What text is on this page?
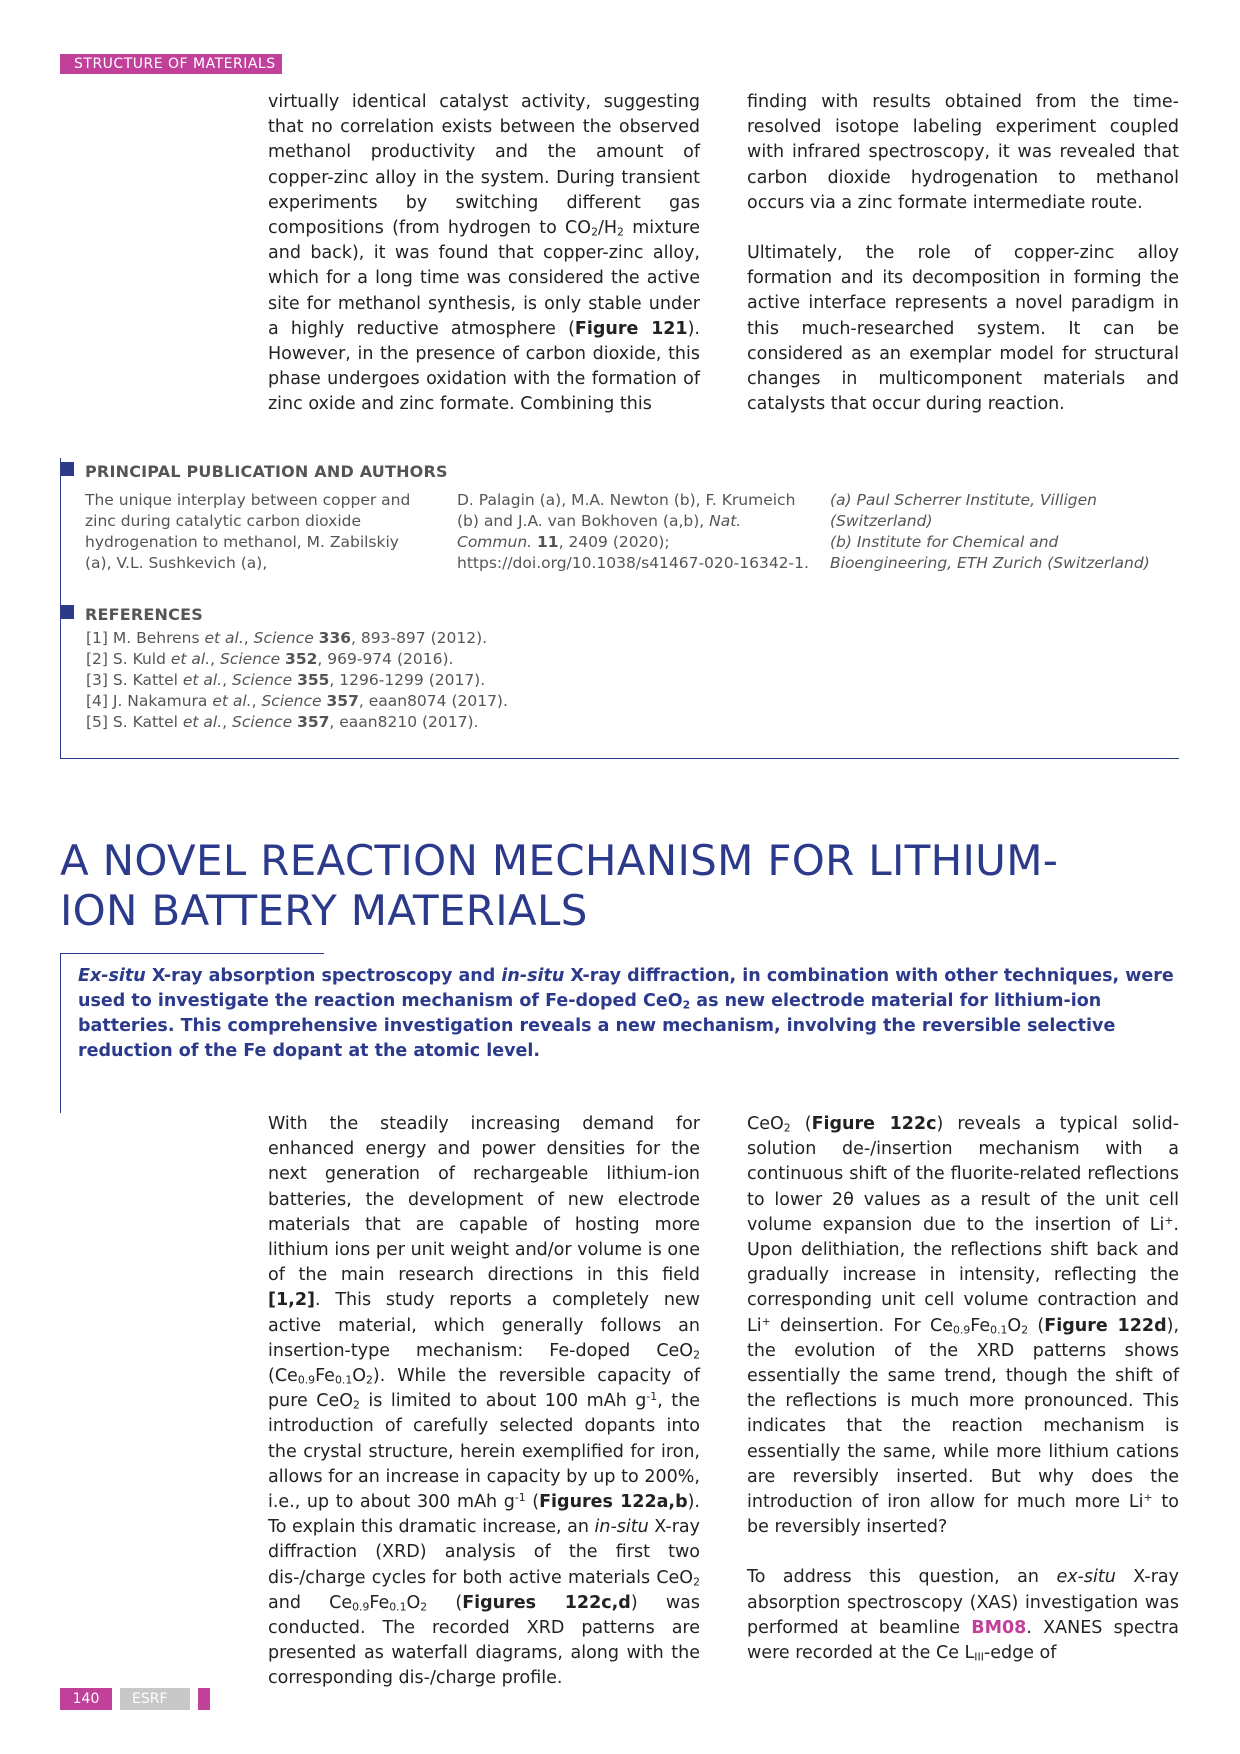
STRUCTURE OF MATERIALS

virtually identical catalyst activity, suggesting that no correlation exists between the observed methanol productivity and the amount of copper-zinc alloy in the system. During transient experiments by switching different gas compositions (from hydrogen to $CO_2/H_2$ mixture and back), it was found that copper-zinc alloy, which for a long time was considered the active site for methanol synthesis, is only stable under a highly reductive atmosphere (Figure 121). However, in the presence of carbon dioxide, this phase undergoes oxidation with the formation of zinc oxide and zinc formate. Combining this

finding with results obtained from the time-resolved isotope labeling experiment coupled with infrared spectroscopy, it was revealed that carbon dioxide hydrogenation to methanol occurs via a zinc formate intermediate route.

Ultimately, the role of copper-zinc alloy formation and its decomposition in forming the active interface represents a novel paradigm in this much-researched system. It can be considered as an exemplar model for structural changes in multicomponent materials and catalysts that occur during reaction.

PRINCIPAL PUBLICATION AND AUTHORS
The unique interplay between copper and zinc during catalytic carbon dioxide hydrogenation to methanol, M. Zabilskiy (a), V.L. Sushkevich (a),
D. Palagin (a), M.A. Newton (b), F. Krumeich (b) and J.A. van Bokhoven (a,b), Nat. Commun. 11, 2409 (2020); https://doi.org/10.1038/s41467-020-16342-1.
(a) Paul Scherrer Institute, Villigen (Switzerland)
(b) Institute for Chemical and Bioengineering, ETH Zurich (Switzerland)
REFERENCES
[1] M. Behrens et al., Science 336, 893-897 (2012).
[2] S. Kuld et al., Science 352, 969-974 (2016).
[3] S. Kattel et al., Science 355, 1296-1299 (2017).
[4] J. Nakamura et al., Science 357, eaan8074 (2017).
[5] S. Kattel et al., Science 357, eaan8210 (2017).
A NOVEL REACTION MECHANISM FOR LITHIUM-
ION BATTERY MATERIALS
Ex-situ X-ray absorption spectroscopy and in-situ X-ray diffraction, in combination with other techniques, were used to investigate the reaction mechanism of Fe-doped CeO$_2$ as new electrode material for lithium-ion batteries. This comprehensive investigation reveals a new mechanism, involving the reversible selective reduction of the Fe dopant at the atomic level.

With the steadily increasing demand for enhanced energy and power densities for the next generation of rechargeable lithium-ion batteries, the development of new electrode materials that are capable of hosting more lithium ions per unit weight and/or volume is one of the main research directions in this field [1,2]. This study reports a completely new active material, which generally follows an insertion-type mechanism: Fe-doped CeO$_2$ $(Ce_{0.9}Fe_{0.1}O_2)$. While the reversible capacity of pure CeO$_2$ is limited to about 100 mAh $g^{-1}$, the introduction of carefully selected dopants into the crystal structure, herein exemplified for iron, allows for an increase in capacity by up to 200%, i.e., up to about 300 mAh $g^{-1}$ (Figures 122a,b). To explain this dramatic increase, an in-situ X-ray diffraction (XRD) analysis of the first two dis-/charge cycles for both active materials CeO$_2$ and $Ce_{0.9}Fe_{0.1}O_2$ (Figures 122c,d) was conducted. The recorded XRD patterns are presented as waterfall diagrams, along with the corresponding dis-/charge profile.

CeO$_2$ (Figure 122c) reveals a typical solid-solution de-/insertion mechanism with a continuous shift of the fluorite-related reflections to lower 2θ values as a result of the unit cell volume expansion due to the insertion of Li+. Upon delithiation, the reflections shift back and gradually increase in intensity, reflecting the corresponding unit cell volume contraction and Li+ deinsertion. For $Ce_{0.9}Fe_{0.1}O_2$ (Figure 122d), the evolution of the XRD patterns shows essentially the same trend, though the shift of the reflections is much more pronounced. This indicates that the reaction mechanism is essentially the same, while more lithium cations are reversibly inserted. But why does the introduction of iron allow for much more Li+ to be reversibly inserted?

To address this question, an ex-situ X-ray absorption spectroscopy (XAS) investigation was performed at beamline BM08. XANES spectra were recorded at the Ce $L_{III}$-edge of

140	ESRF
